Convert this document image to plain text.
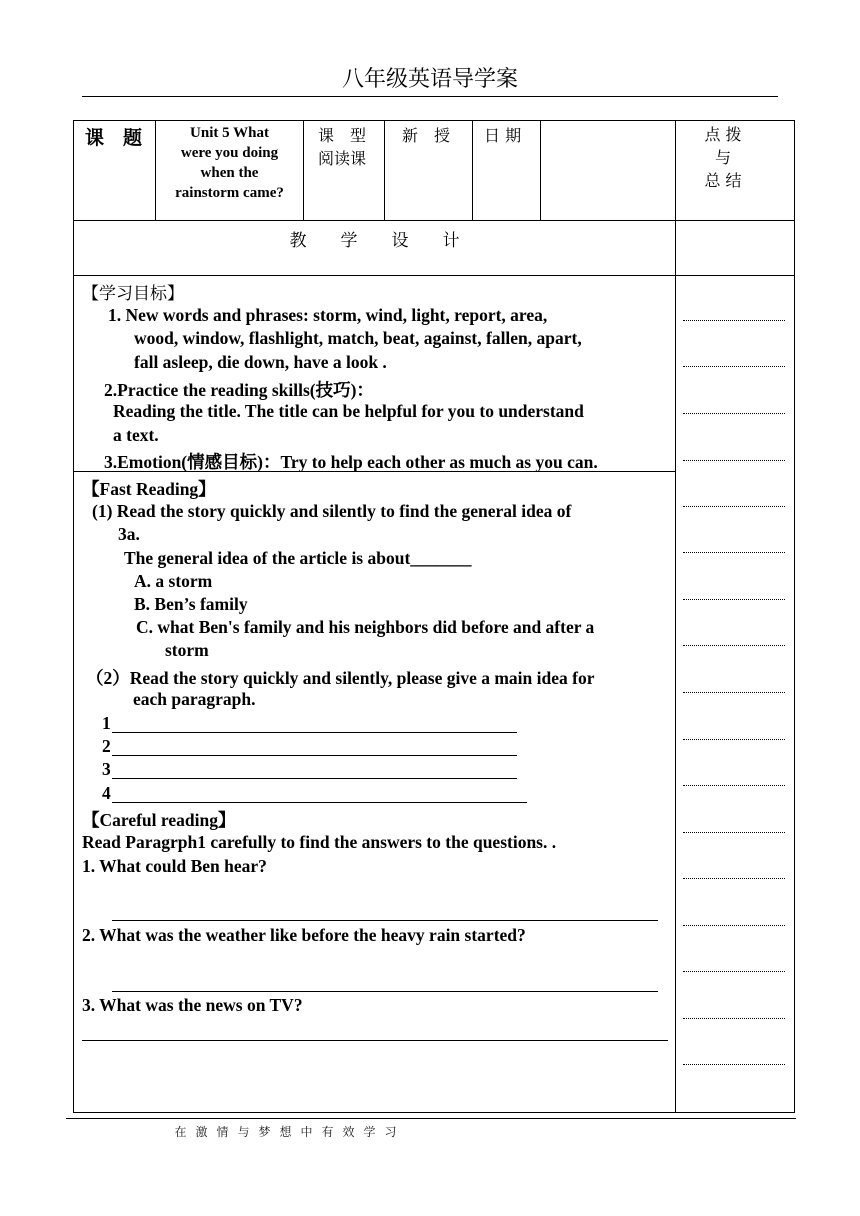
八年级英语导学案
课　题	Unit 5 What
were you doing
when the
rainstorm came?
课　型
阅读课
新　授 日 期	点 拨
与
总 结
教　　学　　设　　计
【学习目标】
1. New words and phrases: storm, wind, light, report, area,
wood, window, flashlight, match, beat, against, fallen, apart,
fall asleep, die down, have a look .
2.Practice the reading skills(技巧)：
Reading the title. The title can be helpful for you to understand
a text.
3.Emotion(情感目标)：Try to help each other as much as you can.
【Fast Reading】
(1) Read the story quickly and silently to find the general idea of
3a.
The general idea of the article is about_______
A. a storm
B. Ben’s family
C. what Ben's family and his neighbors did before and after a
storm
（2）Read the story quickly and silently, please give a main idea for
each paragraph.
1
2
3
4
【Careful reading】
Read Paragrph1 carefully to find the answers to the questions. .
1. What could Ben hear?
2. What was the weather like before the heavy rain started?
3. What was the news on TV?
在激情与梦想中有效学习
